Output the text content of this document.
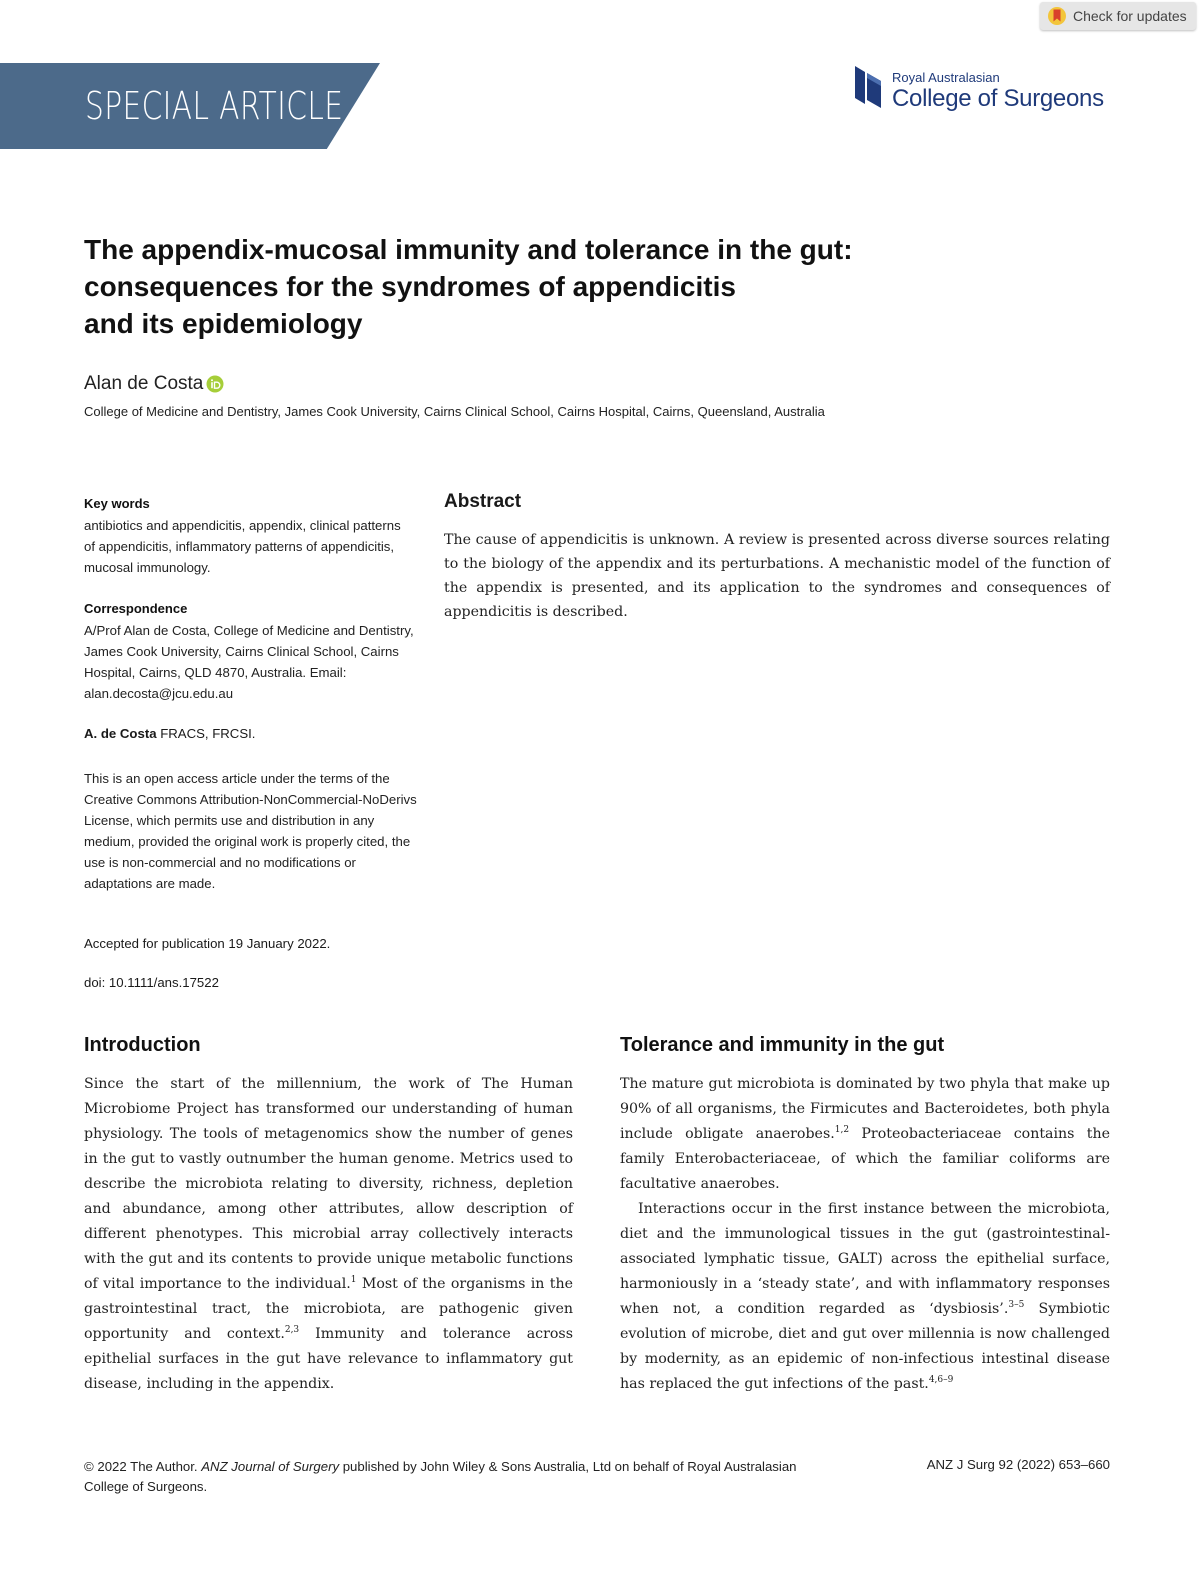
Check for updates
SPECIAL ARTICLE
Royal Australasian
College of Surgeons
The appendix-mucosal immunity and tolerance in the gut:
consequences for the syndromes of appendicitis
and its epidemiology
Alan de Costa
College of Medicine and Dentistry, James Cook University, Cairns Clinical School, Cairns Hospital, Cairns, Queensland, Australia
Key words
antibiotics and appendicitis, appendix, clinical patterns of appendicitis, inflammatory patterns of appendicitis, mucosal immunology.
Correspondence
A/Prof Alan de Costa, College of Medicine and Dentistry, James Cook University, Cairns Clinical School, Cairns Hospital, Cairns, QLD 4870, Australia. Email: alan.decosta@jcu.edu.au
A. de Costa FRACS, FRCSI.
This is an open access article under the terms of the Creative Commons Attribution-NonCommercial-NoDerivs License, which permits use and distribution in any medium, provided the original work is properly cited, the use is non-commercial and no modifications or adaptations are made.
Accepted for publication 19 January 2022.
doi: 10.1111/ans.17522
Abstract
The cause of appendicitis is unknown. A review is presented across diverse sources relating to the biology of the appendix and its perturbations. A mechanistic model of the function of the appendix is presented, and its application to the syndromes and consequences of appendicitis is described.
Introduction

Since the start of the millennium, the work of The Human Microbiome Project has transformed our understanding of human physiology. The tools of metagenomics show the number of genes in the gut to vastly outnumber the human genome. Metrics used to describe the microbiota relating to diversity, richness, depletion and abundance, among other attributes, allow description of different phenotypes. This microbial array collectively interacts with the gut and its contents to provide unique metabolic functions of vital importance to the individual.$^1$ Most of the organisms in the gastrointestinal tract, the microbiota, are pathogenic given opportunity and context.$^{2,3}$ Immunity and tolerance across epithelial surfaces in the gut have relevance to inflammatory gut disease, including in the appendix.

Tolerance and immunity in the gut

The mature gut microbiota is dominated by two phyla that make up 90% of all organisms, the Firmicutes and Bacteroidetes, both phyla include obligate anaerobes.$^{1,2}$ Proteobacteriaceae contains the family Enterobacteriaceae, of which the familiar coliforms are facultative anaerobes.

Interactions occur in the first instance between the microbiota, diet and the immunological tissues in the gut (gastrointestinal-associated lymphatic tissue, GALT) across the epithelial surface, harmoniously in a ‘steady state’, and with inflammatory responses when not, a condition regarded as ‘dysbiosis’.$^{3-5}$ Symbiotic evolution of microbe, diet and gut over millennia is now challenged by modernity, as an epidemic of non-infectious intestinal disease has replaced the gut infections of the past.$^{4,6-9}$

© 2022 The Author. ANZ Journal of Surgery published by John Wiley & Sons Australia, Ltd on behalf of Royal Australasian College of Surgeons.
ANZ J Surg 92 (2022) 653–660
